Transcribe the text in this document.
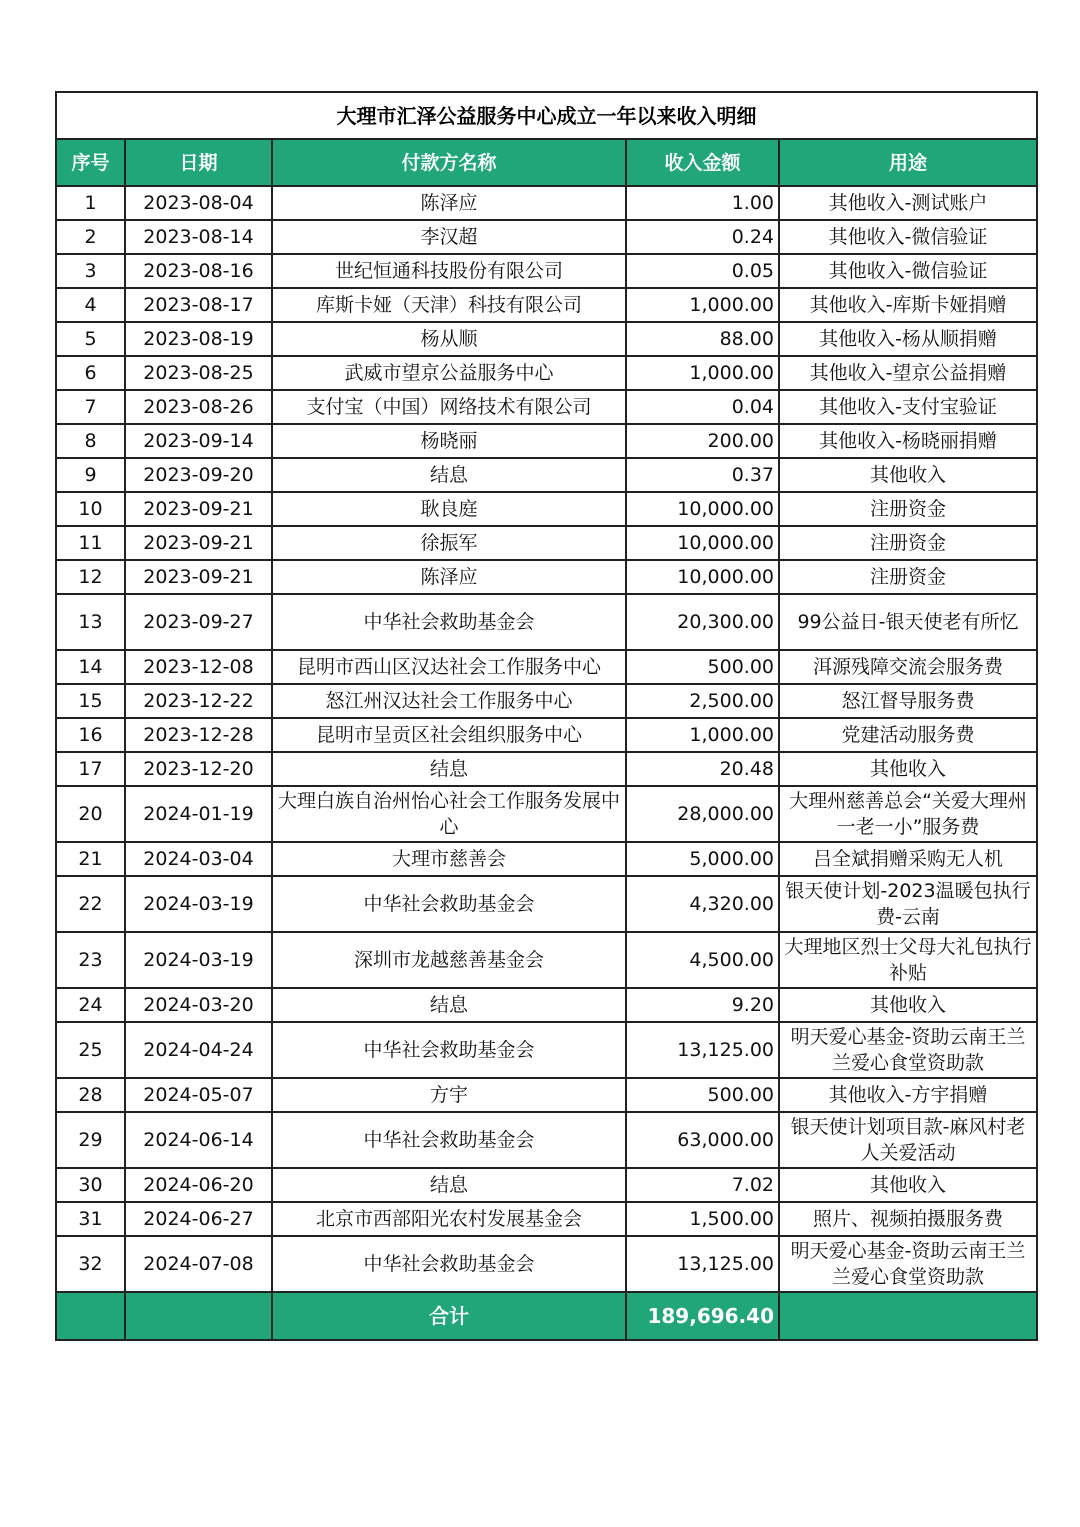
大理市汇泽公益服务中心成立一年以来收入明细				
序号	日期	付款方名称	收入金额	用途
1	2023-08-04	陈泽应	1.00	其他收入-测试账户
2	2023-08-14	李汉超	0.24	其他收入-微信验证
3	2023-08-16	世纪恒通科技股份有限公司	0.05	其他收入-微信验证
4	2023-08-17	库斯卡娅（天津）科技有限公司	1,000.00	其他收入-库斯卡娅捐赠
5	2023-08-19	杨从顺	88.00	其他收入-杨从顺捐赠
6	2023-08-25	武威市望京公益服务中心	1,000.00	其他收入-望京公益捐赠
7	2023-08-26	支付宝（中国）网络技术有限公司	0.04	其他收入-支付宝验证
8	2023-09-14	杨晓丽	200.00	其他收入-杨晓丽捐赠
9	2023-09-20	结息	0.37	其他收入
10	2023-09-21	耿良庭	10,000.00	注册资金
11	2023-09-21	徐振军	10,000.00	注册资金
12	2023-09-21	陈泽应	10,000.00	注册资金
13	2023-09-27	中华社会救助基金会	20,300.00	99公益日-银天使老有所忆
14	2023-12-08	昆明市西山区汉达社会工作服务中心	500.00	洱源残障交流会服务费
15	2023-12-22	怒江州汉达社会工作服务中心	2,500.00	怒江督导服务费
16	2023-12-28	昆明市呈贡区社会组织服务中心	1,000.00	党建活动服务费
17	2023-12-20	结息	20.48	其他收入
20	2024-01-19	大理白族自治州怡心社会工作服务发展中心	28,000.00	大理州慈善总会“关爱大理州一老一小”服务费
21	2024-03-04	大理市慈善会	5,000.00	吕全斌捐赠采购无人机
22	2024-03-19	中华社会救助基金会	4,320.00	银天使计划-2023温暖包执行费-云南
23	2024-03-19	深圳市龙越慈善基金会	4,500.00	大理地区烈士父母大礼包执行补贴
24	2024-03-20	结息	9.20	其他收入
25	2024-04-24	中华社会救助基金会	13,125.00	明天爱心基金-资助云南王兰兰爱心食堂资助款
28	2024-05-07	方宇	500.00	其他收入-方宇捐赠
29	2024-06-14	中华社会救助基金会	63,000.00	银天使计划项目款-麻风村老人关爱活动
30	2024-06-20	结息	7.02	其他收入
31	2024-06-27	北京市西部阳光农村发展基金会	1,500.00	照片、视频拍摄服务费
32	2024-07-08	中华社会救助基金会	13,125.00	明天爱心基金-资助云南王兰兰爱心食堂资助款
		合计	189,696.40	
